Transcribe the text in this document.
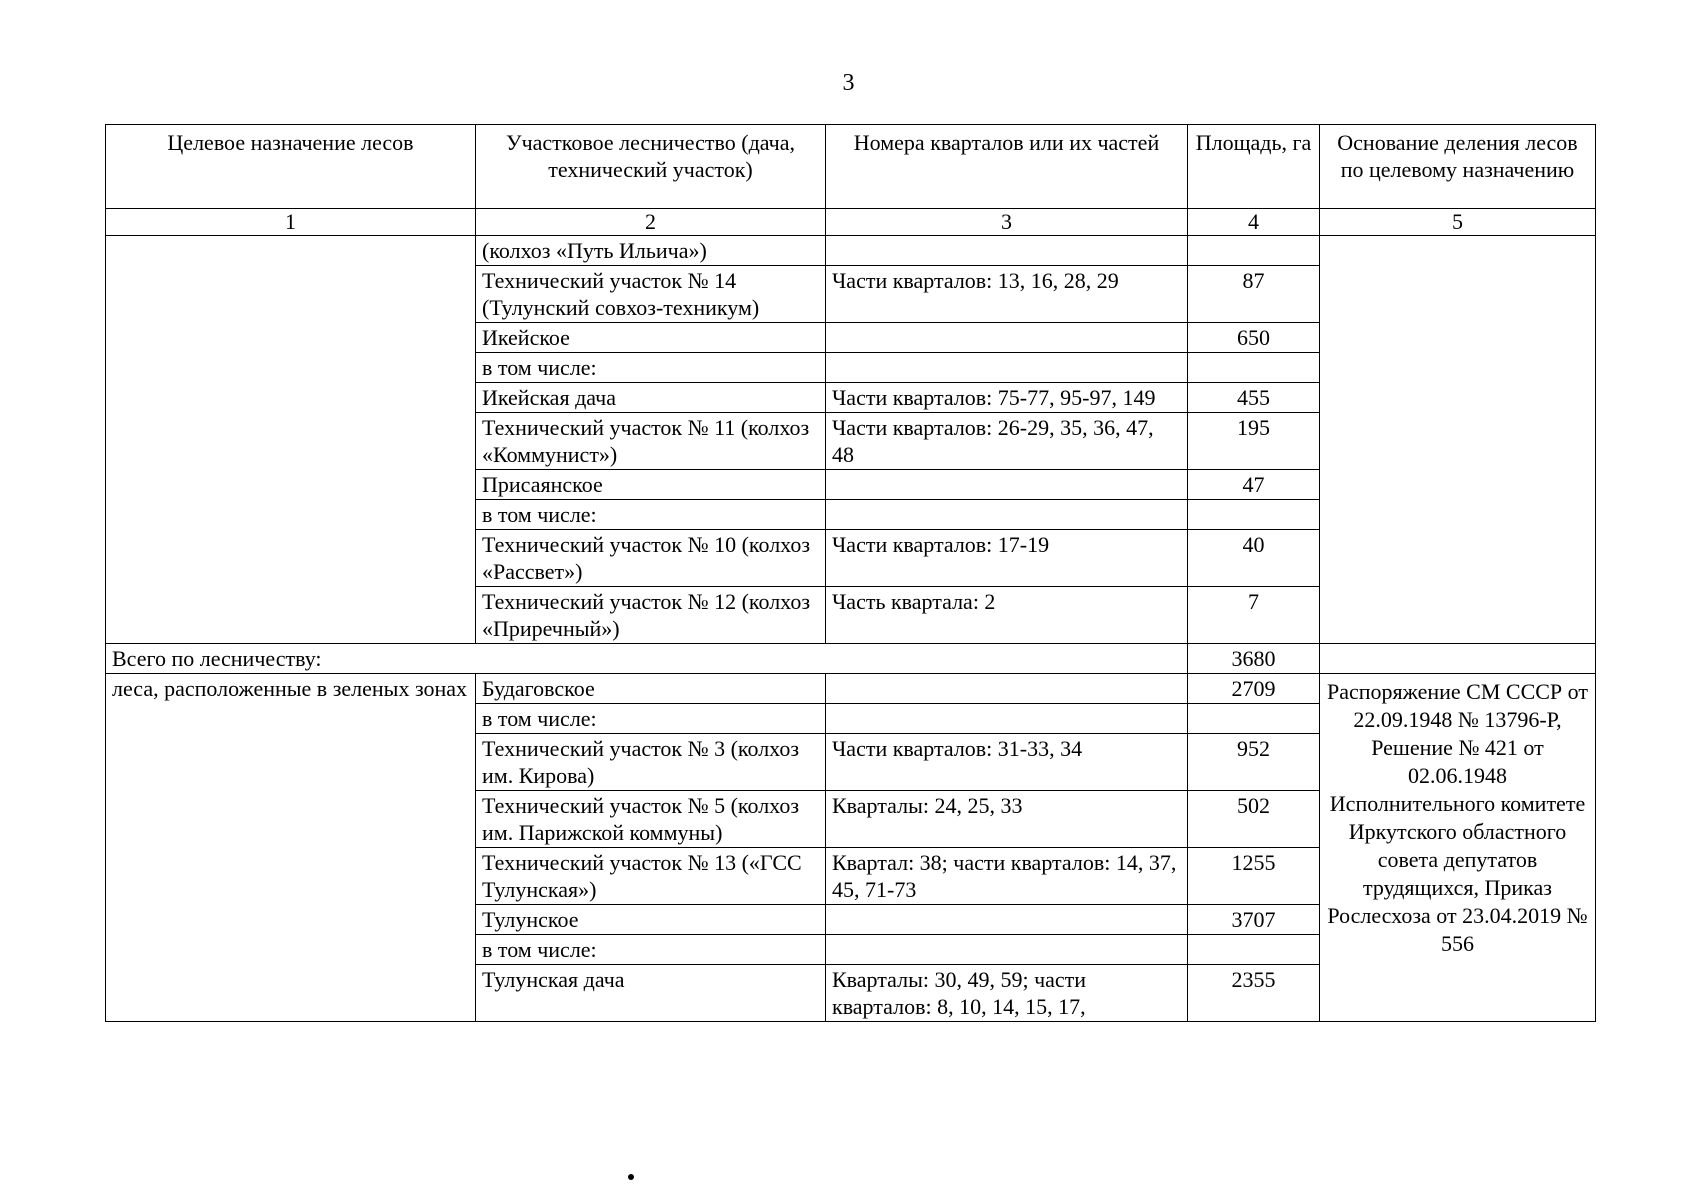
3
Целевое назначение лесов	Участковое лесничество (дача, технический участок)	Номера кварталов или их частей	Площадь, га	Основание деления лесов по целевому назначению
1	2	3	4	5
	(колхоз «Путь Ильича»)			
	Технический участок № 14 (Тулунский совхоз-техникум)	Части кварталов: 13, 16, 28, 29	87	
	Икейское		650	
	в том числе:			
	Икейская дача	Части кварталов: 75-77, 95-97, 149	455	
	Технический участок № 11 (колхоз «Коммунист»)	Части кварталов: 26-29, 35, 36, 47, 48	195	
	Присаянское		47	
	в том числе:			
	Технический участок № 10 (колхоз «Рассвет»)	Части кварталов: 17-19	40	
	Технический участок № 12 (колхоз «Приречный»)	Часть квартала: 2	7	
Всего по лесничеству:			3680	
леса, расположенные в зеленых зонах	Будаговское		2709	Распоряжение СМ СССР от 22.09.1948 № 13796-Р, Решение № 421 от 02.06.1948 Исполнительного комитете Иркутского областного совета депутатов трудящихся, Приказ Рослесхоза от 23.04.2019 № 556
	в том числе:			
	Технический участок № 3 (колхоз им. Кирова)	Части кварталов: 31-33, 34	952	
	Технический участок № 5 (колхоз им. Парижской коммуны)	Кварталы: 24, 25, 33	502	
	Технический участок № 13 («ГСС Тулунская»)	Квартал: 38; части кварталов: 14, 37, 45, 71-73	1255	
	Тулунское		3707	
	в том числе:			
	Тулунская дача	Кварталы: 30, 49, 59; части кварталов: 8, 10, 14, 15, 17,	2355	
